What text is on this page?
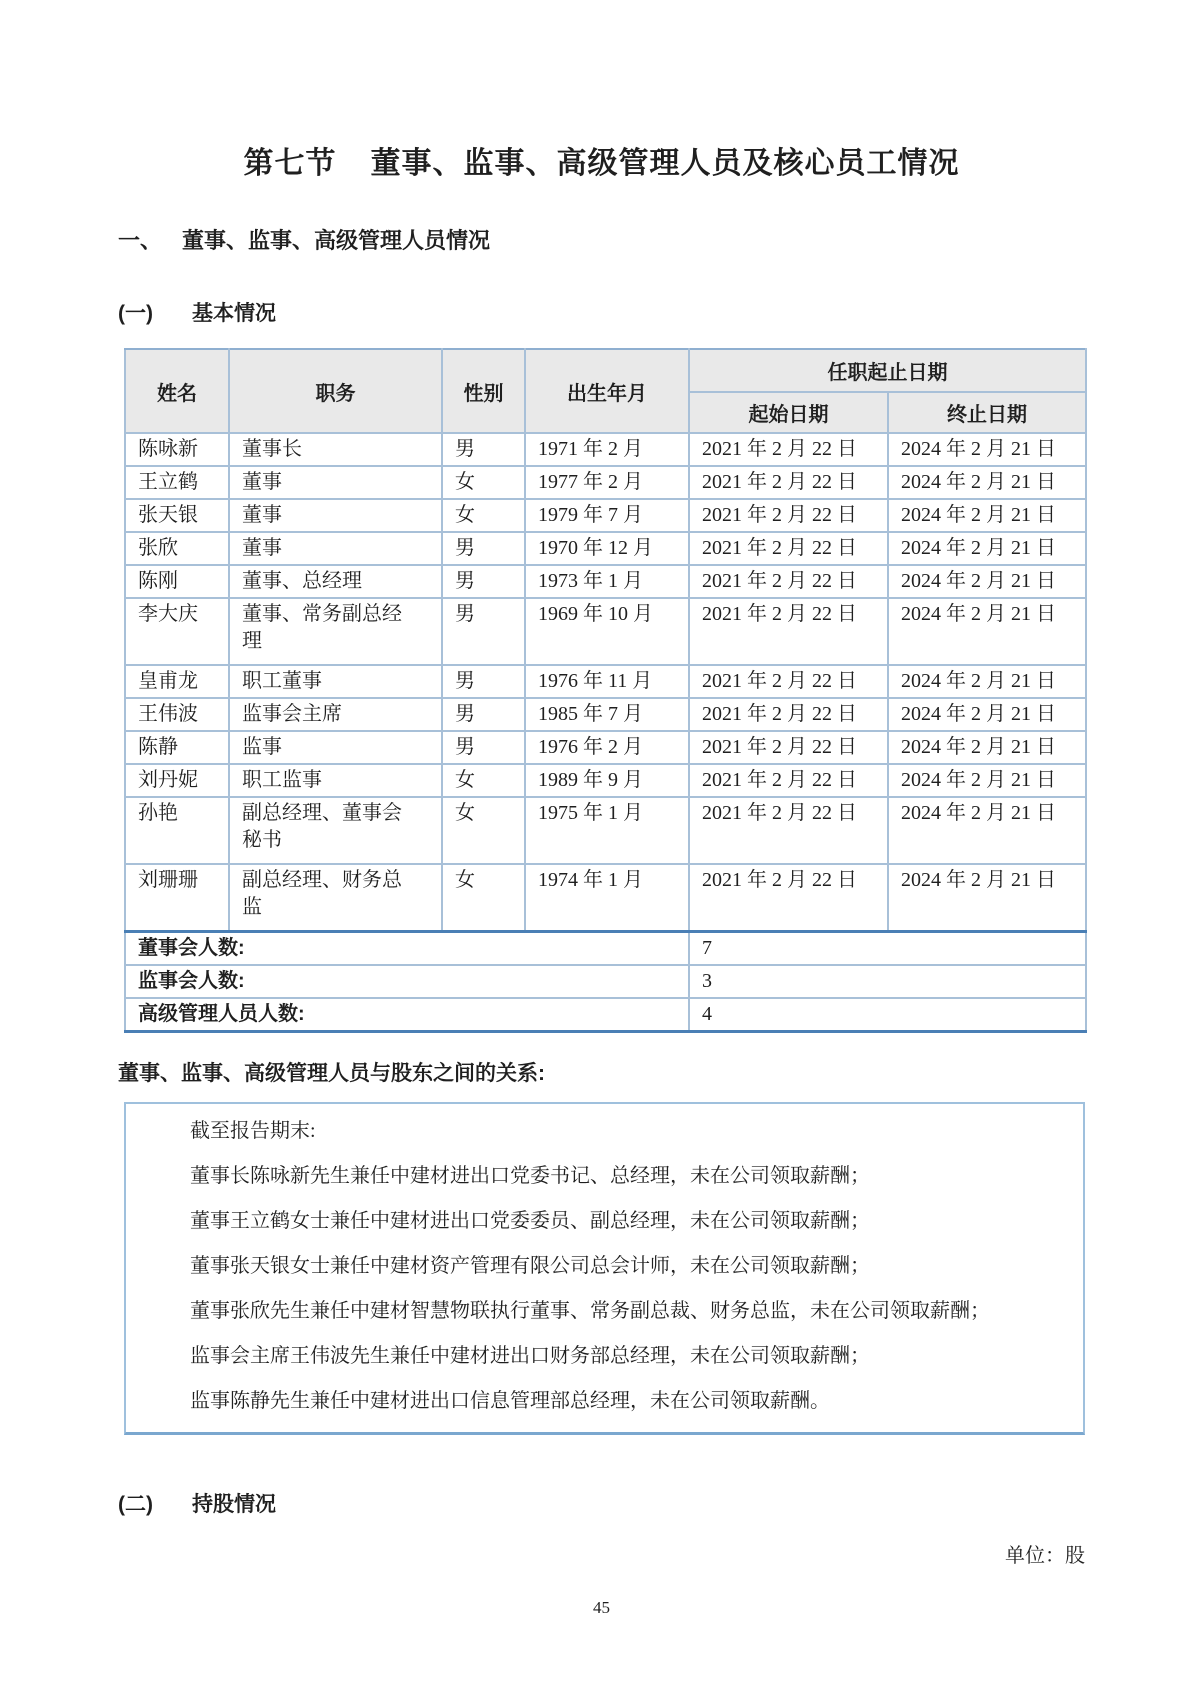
第七节 董事、监事、高级管理人员及核心员工情况
一、 董事、监事、高级管理人员情况
(一)	基本情况
姓名	职务	性别	出生年月	任职起止日期	
				起始日期	终止日期
陈咏新	董事长	男	1971 年 2 月	2021 年 2 月 22 日	2024 年 2 月 21 日
王立鹤	董事	女	1977 年 2 月	2021 年 2 月 22 日	2024 年 2 月 21 日
张天银	董事	女	1979 年 7 月	2021 年 2 月 22 日	2024 年 2 月 21 日
张欣	董事	男	1970 年 12 月	2021 年 2 月 22 日	2024 年 2 月 21 日
陈刚	董事、总经理	男	1973 年 1 月	2021 年 2 月 22 日	2024 年 2 月 21 日
李大庆	董事、常务副总经理	男	1969 年 10 月	2021 年 2 月 22 日	2024 年 2 月 21 日
皇甫龙	职工董事	男	1976 年 11 月	2021 年 2 月 22 日	2024 年 2 月 21 日
王伟波	监事会主席	男	1985 年 7 月	2021 年 2 月 22 日	2024 年 2 月 21 日
陈静	监事	男	1976 年 2 月	2021 年 2 月 22 日	2024 年 2 月 21 日
刘丹妮	职工监事	女	1989 年 9 月	2021 年 2 月 22 日	2024 年 2 月 21 日
孙艳	副总经理、董事会秘书	女	1975 年 1 月	2021 年 2 月 22 日	2024 年 2 月 21 日
刘珊珊	副总经理、财务总监	女	1974 年 1 月	2021 年 2 月 22 日	2024 年 2 月 21 日
董事会人数:				7	
监事会人数:				3	
高级管理人员人数:				4	
董事、监事、高级管理人员与股东之间的关系:

截至报告期末:

董事长陈咏新先生兼任中建材进出口党委书记、总经理，未在公司领取薪酬；

董事王立鹤女士兼任中建材进出口党委委员、副总经理，未在公司领取薪酬；

董事张天银女士兼任中建材资产管理有限公司总会计师，未在公司领取薪酬；

董事张欣先生兼任中建材智慧物联执行董事、常务副总裁、财务总监，未在公司领取薪酬；

监事会主席王伟波先生兼任中建材进出口财务部总经理，未在公司领取薪酬；

监事陈静先生兼任中建材进出口信息管理部总经理，未在公司领取薪酬。

(二)	持股情况
单位：股
45
